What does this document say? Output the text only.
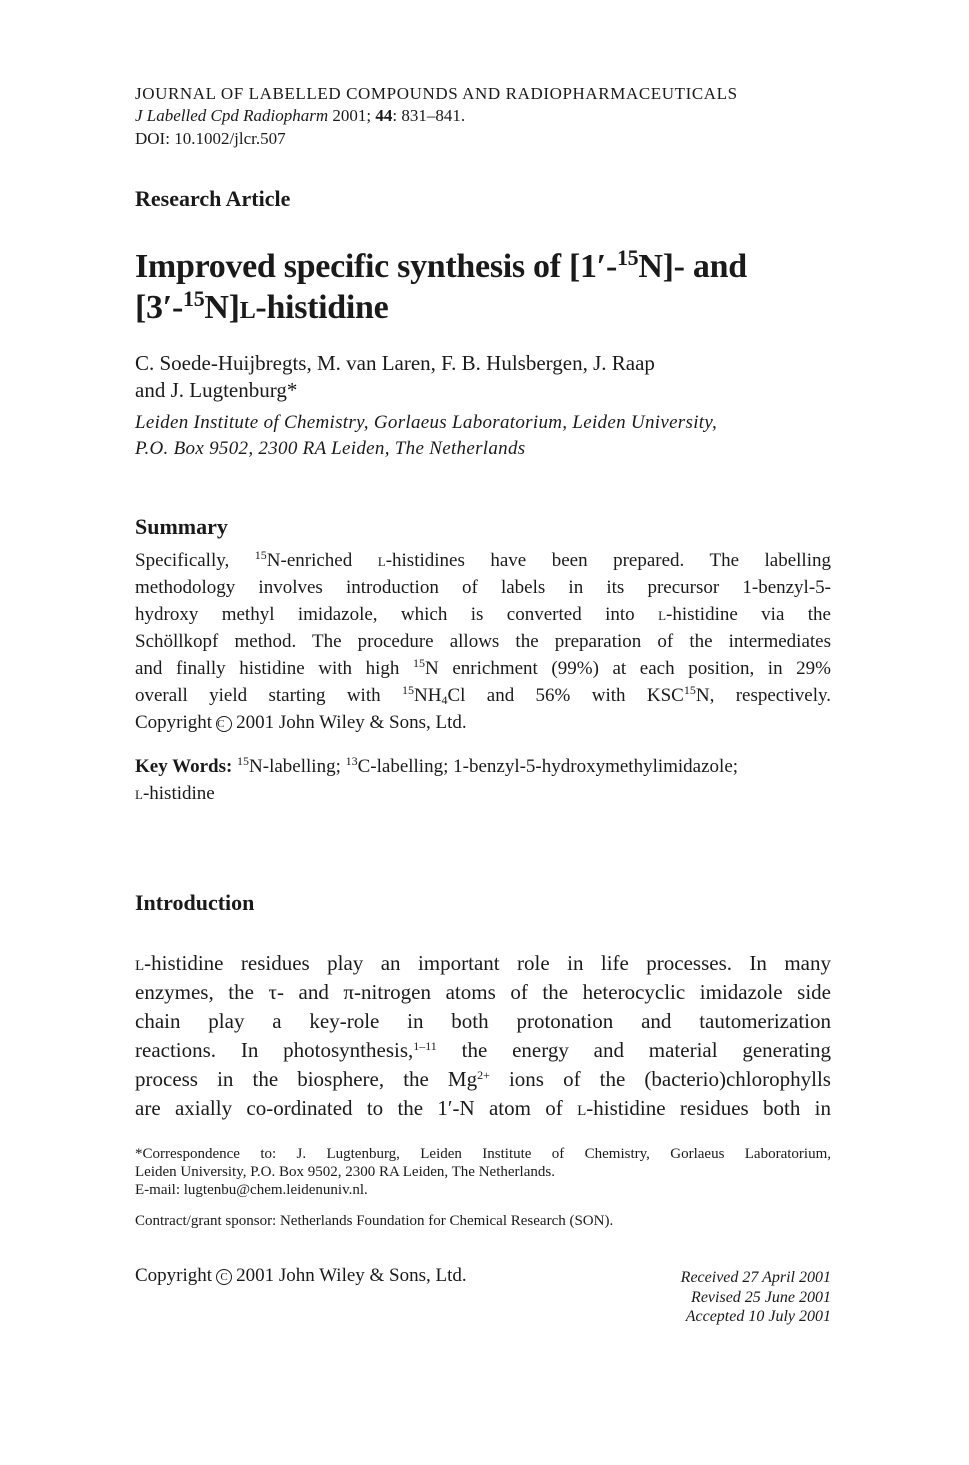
JOURNAL OF LABELLED COMPOUNDS AND RADIOPHARMACEUTICALS
J Labelled Cpd Radiopharm 2001; 44: 831–841.
DOI: 10.1002/jlcr.507
Research Article
Improved specific synthesis of [1′-$^{15}$N]- and
[3′-$^{15}$N]l-histidine
C. Soede-Huijbregts, M. van Laren, F. B. Hulsbergen, J. Raap
and J. Lugtenburg*
Leiden Institute of Chemistry, Gorlaeus Laboratorium, Leiden University,
P.O. Box 9502, 2300 RA Leiden, The Netherlands
Summary
Specifically, $^{15}$N-enriched l-histidines have been prepared. The labelling
methodology involves introduction of labels in its precursor 1-benzyl-5-
hydroxy methyl imidazole, which is converted into l-histidine via the
Schöllkopf method. The procedure allows the preparation of the intermediates
and finally histidine with high $^{15}$N enrichment (99%) at each position, in 29%
overall yield starting with $^{15}NH_4Cl$ and 56% with KSC$^{15}$N, respectively.
Copyright C 2001 John Wiley & Sons, Ltd.
Key Words: $^{15}$N-labelling; $^{13}$C-labelling; 1-benzyl-5-hydroxymethylimidazole;
l-histidine
Introduction
l-histidine residues play an important role in life processes. In many
enzymes, the τ- and π-nitrogen atoms of the heterocyclic imidazole side
chain play a key-role in both protonation and tautomerization
reactions. In photosynthesis,$^{1-11}$ the energy and material generating
process in the biosphere, the $Mg^{2+}$ ions of the (bacterio)chlorophylls
are axially co-ordinated to the 1′-N atom of l-histidine residues both in
*Correspondence to: J. Lugtenburg, Leiden Institute of Chemistry, Gorlaeus Laboratorium,
Leiden University, P.O. Box 9502, 2300 RA Leiden, The Netherlands.
E-mail: lugtenbu@chem.leidenuniv.nl.
Contract/grant sponsor: Netherlands Foundation for Chemical Research (SON).
Copyright C 2001 John Wiley & Sons, Ltd.	Received 27 April 2001
Revised 25 June 2001
Accepted 10 July 2001
